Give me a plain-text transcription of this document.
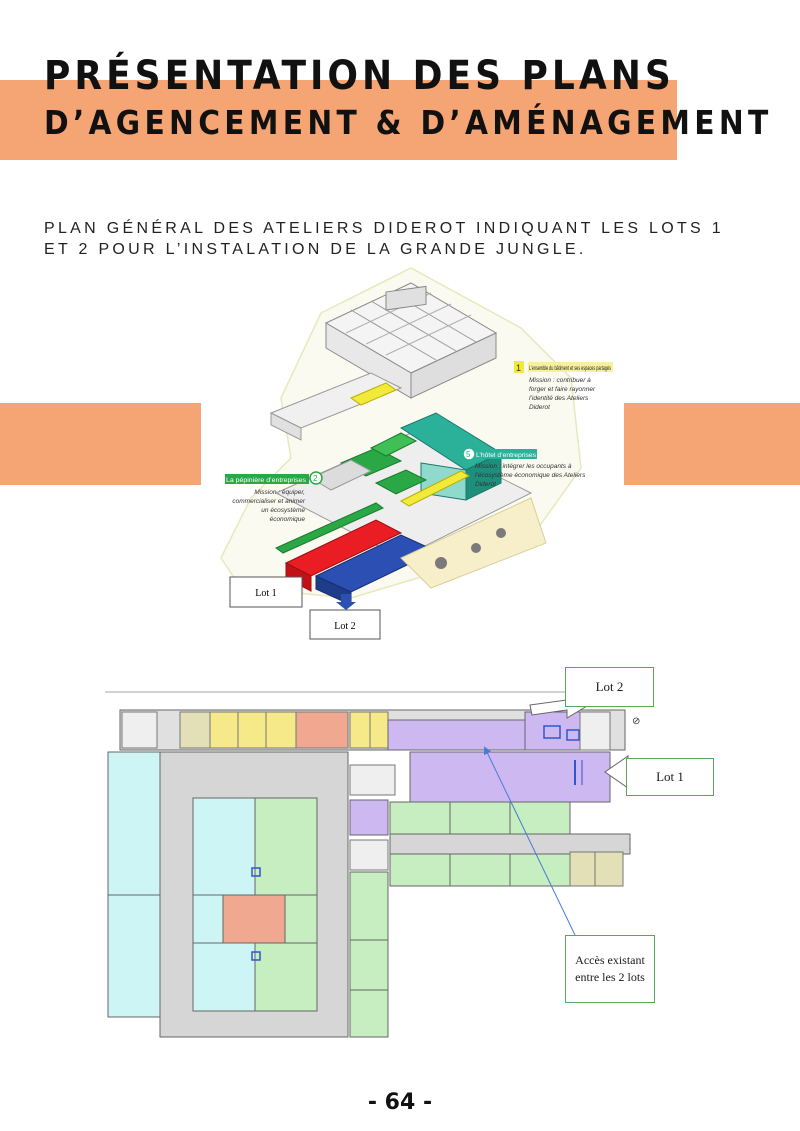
PRÉSENTATION DES PLANS
D’AGENCEMENT & D’AMÉNAGEMENT
PLAN GÉNÉRAL DES ATELIERS DIDEROT INDIQUANT LES LOTS 1
ET 2 POUR L’INSTALATION DE LA GRANDE JUNGLE.
1 L’ensemble du bâtiment et ses espaces partagés
Mission : contribuer à
forger et faire rayonner
l’identité des Ateliers
Diderot
5 L’hôtel d’entreprises
Mission : intégrer les occupants à
l’écosystème économique des Ateliers
Diderot
La pépinière d’entreprises 2
Mission : équiper,
commercialiser et animer
un écosystème
économique
Lot 1
Lot 2
⊘
Lot 2
Lot 1
Accès existant
entre les 2 lots
- 64 -
